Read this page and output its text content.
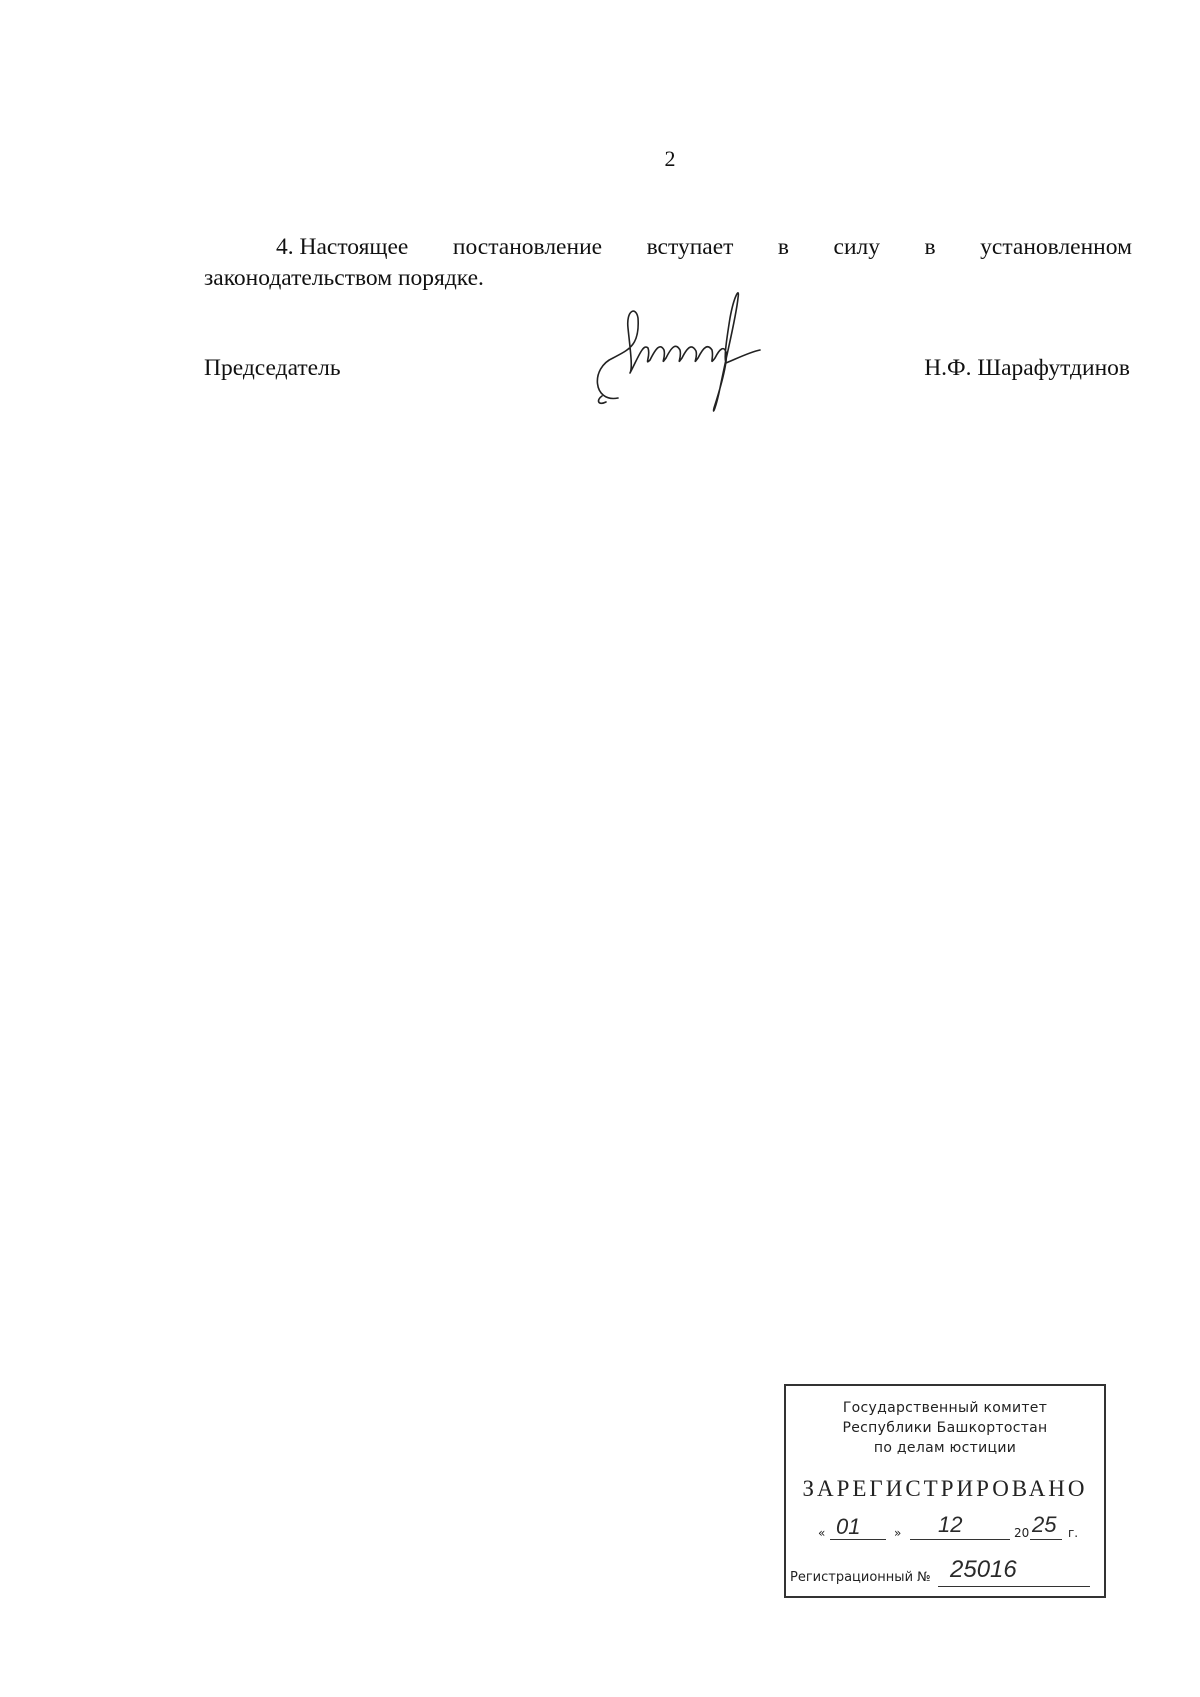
2
4. Настоящее постановление вступает в силу в установленном
законодательством порядке.
Председатель	Н.Ф. Шарафутдинов
Государственный комитет
Республики Башкортостан
по делам юстиции
ЗАРЕГИСТРИРОВАНО
« 01	» 12	20 25 г.
Регистрационный № 25016
